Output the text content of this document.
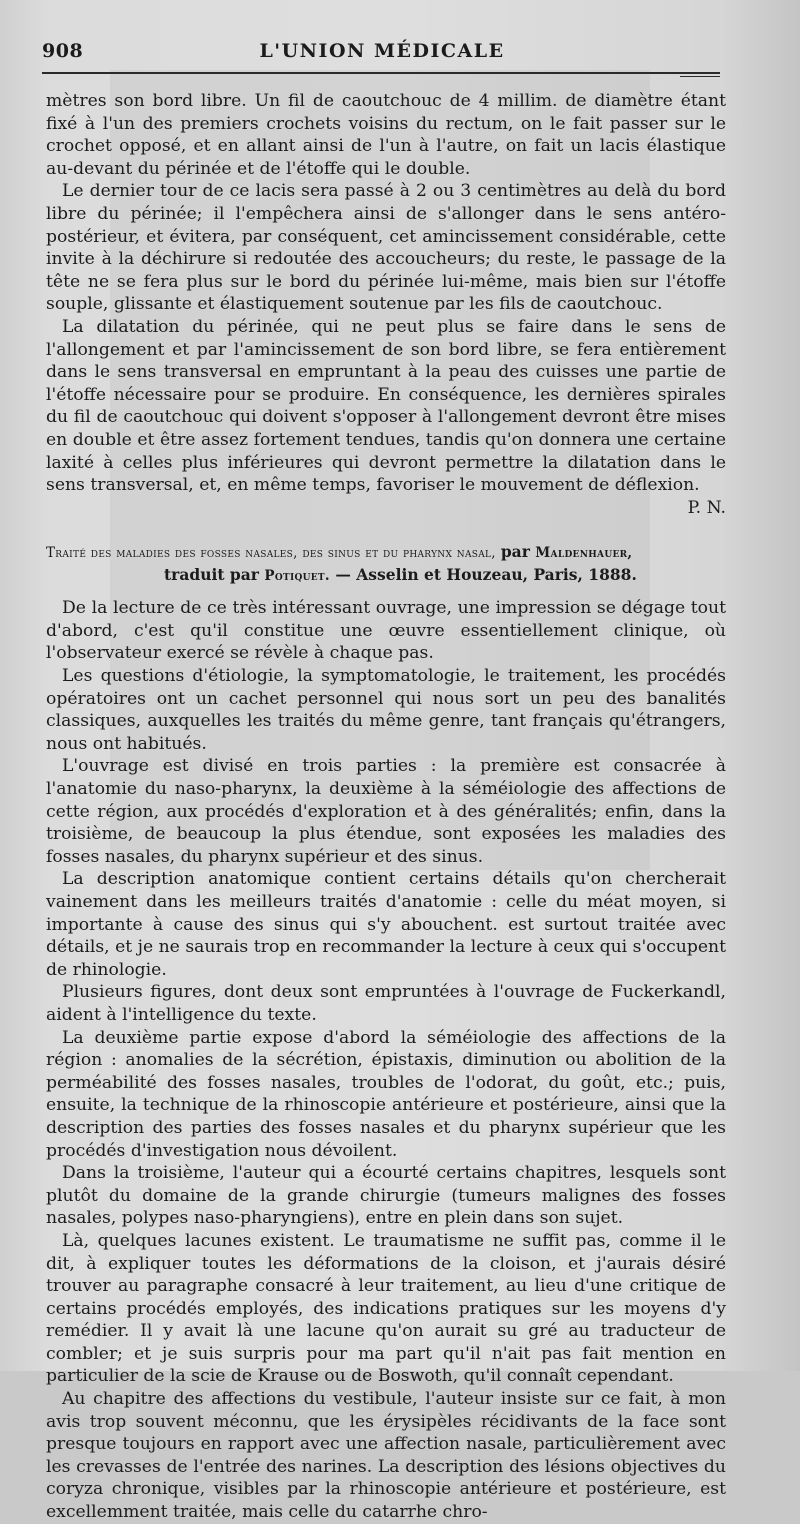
908	L'UNION MÉDICALE

mètres son bord libre. Un fil de caoutchouc de 4 millim. de diamètre étant fixé à l'un des premiers crochets voisins du rectum, on le fait passer sur le crochet opposé, et en allant ainsi de l'un à l'autre, on fait un lacis élastique au-devant du périnée et de l'étoffe qui le double.

Le dernier tour de ce lacis sera passé à 2 ou 3 centimètres au delà du bord libre du périnée; il l'empêchera ainsi de s'allonger dans le sens antéro-postérieur, et évitera, par conséquent, cet amincissement considérable, cette invite à la déchirure si redoutée des accoucheurs; du reste, le passage de la tête ne se fera plus sur le bord du périnée lui-même, mais bien sur l'étoffe souple, glissante et élastiquement soutenue par les fils de caoutchouc.

La dilatation du périnée, qui ne peut plus se faire dans le sens de l'allongement et par l'amincissement de son bord libre, se fera entièrement dans le sens transversal en empruntant à la peau des cuisses une partie de l'étoffe nécessaire pour se produire. En conséquence, les dernières spirales du fil de caoutchouc qui doivent s'opposer à l'allongement devront être mises en double et être assez fortement tendues, tandis qu'on donnera une certaine laxité à celles plus inférieures qui devront permettre la dilatation dans le sens transversal, et, en même temps, favoriser le mouvement de déflexion.

P. N.

Traité des maladies des fosses nasales, des sinus et du pharynx nasal, par Maldenhauer,
traduit par Potiquet. — Asselin et Houzeau, Paris, 1888.

De la lecture de ce très intéressant ouvrage, une impression se dégage tout d'abord, c'est qu'il constitue une œuvre essentiellement clinique, où l'observateur exercé se révèle à chaque pas.

Les questions d'étiologie, la symptomatologie, le traitement, les procédés opératoires ont un cachet personnel qui nous sort un peu des banalités classiques, auxquelles les traités du même genre, tant français qu'étrangers, nous ont habitués.

L'ouvrage est divisé en trois parties : la première est consacrée à l'anatomie du naso-pharynx, la deuxième à la séméiologie des affections de cette région, aux procédés d'exploration et à des généralités; enfin, dans la troisième, de beaucoup la plus étendue, sont exposées les maladies des fosses nasales, du pharynx supérieur et des sinus.

La description anatomique contient certains détails qu'on chercherait vainement dans les meilleurs traités d'anatomie : celle du méat moyen, si importante à cause des sinus qui s'y abouchent. est surtout traitée avec détails, et je ne saurais trop en recommander la lecture à ceux qui s'occupent de rhinologie.

Plusieurs figures, dont deux sont empruntées à l'ouvrage de Fuckerkandl, aident à l'intelligence du texte.

La deuxième partie expose d'abord la séméiologie des affections de la région : anomalies de la sécrétion, épistaxis, diminution ou abolition de la perméabilité des fosses nasales, troubles de l'odorat, du goût, etc.; puis, ensuite, la technique de la rhinoscopie antérieure et postérieure, ainsi que la description des parties des fosses nasales et du pharynx supérieur que les procédés d'investigation nous dévoilent.

Dans la troisième, l'auteur qui a écourté certains chapitres, lesquels sont plutôt du domaine de la grande chirurgie (tumeurs malignes des fosses nasales, polypes naso-pharyngiens), entre en plein dans son sujet.

Là, quelques lacunes existent. Le traumatisme ne suffit pas, comme il le dit, à expliquer toutes les déformations de la cloison, et j'aurais désiré trouver au paragraphe consacré à leur traitement, au lieu d'une critique de certains procédés employés, des indications pratiques sur les moyens d'y remédier. Il y avait là une lacune qu'on aurait su gré au traducteur de combler; et je suis surpris pour ma part qu'il n'ait pas fait mention en particulier de la scie de Krause ou de Boswoth, qu'il connaît cependant.

Au chapitre des affections du vestibule, l'auteur insiste sur ce fait, à mon avis trop souvent méconnu, que les érysipèles récidivants de la face sont presque toujours en rapport avec une affection nasale, particulièrement avec les crevasses de l'entrée des narines. La description des lésions objectives du coryza chronique, visibles par la rhinoscopie antérieure et postérieure, est excellemment traitée, mais celle du catarrhe chro-
